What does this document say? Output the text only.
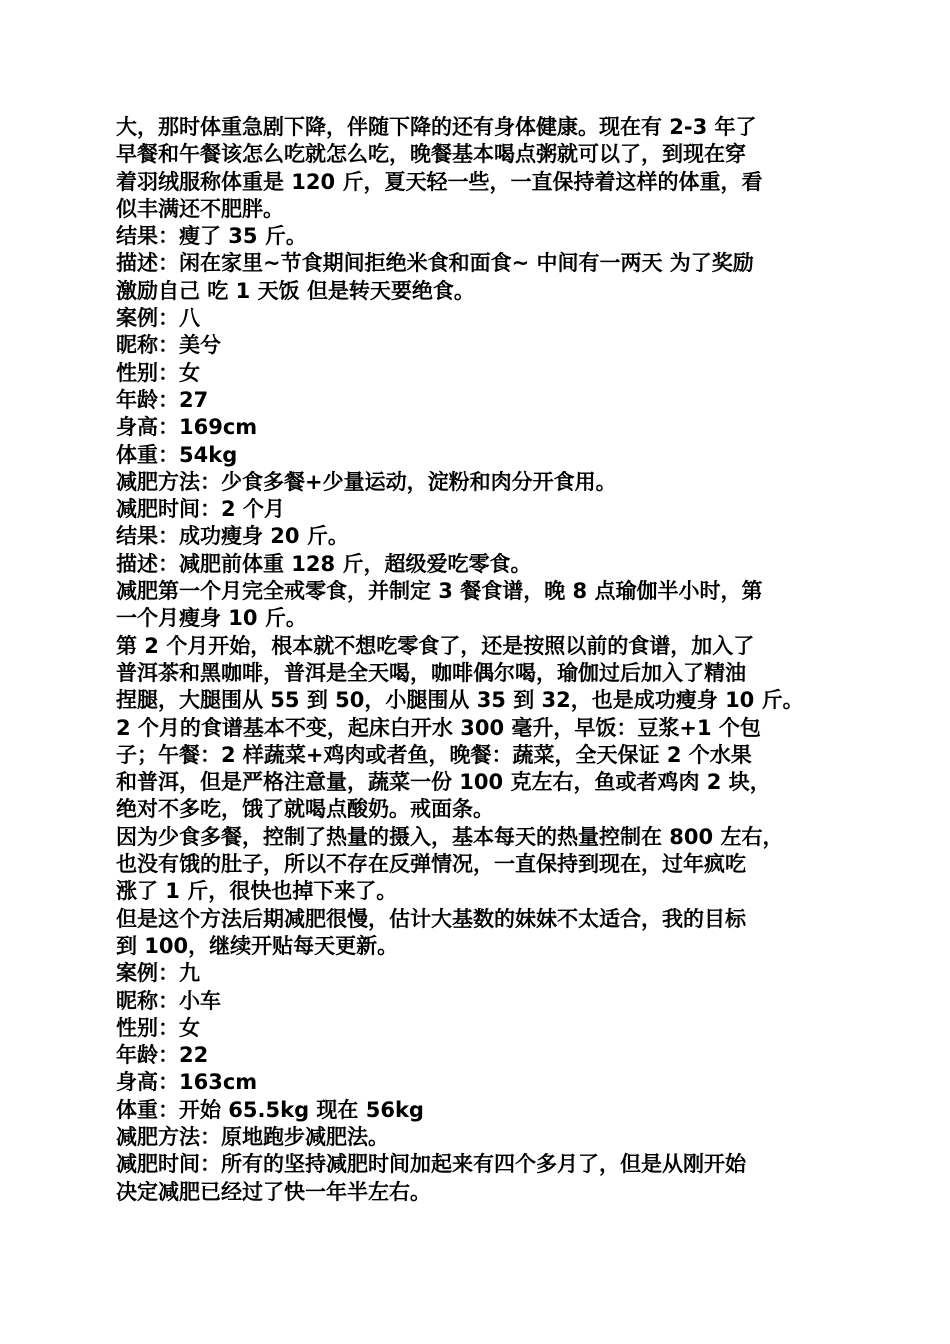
大，那时体重急剧下降，伴随下降的还有身体健康。现在有 2-3 年了

早餐和午餐该怎么吃就怎么吃，晚餐基本喝点粥就可以了，到现在穿

着羽绒服称体重是 120 斤，夏天轻一些，一直保持着这样的体重，看

似丰满还不肥胖。

结果：瘦了 35 斤。

描述：闲在家里~节食期间拒绝米食和面食~ 中间有一两天 为了奖励

激励自己 吃 1 天饭 但是转天要绝食。

案例：八

昵称：美兮

性别：女

年龄：27

身高：169cm

体重：54kg

减肥方法：少食多餐+少量运动，淀粉和肉分开食用。

减肥时间：2 个月

结果：成功瘦身 20 斤。

描述：减肥前体重 128 斤，超级爱吃零食。

减肥第一个月完全戒零食，并制定 3 餐食谱，晚 8 点瑜伽半小时，第

一个月瘦身 10 斤。

第 2 个月开始，根本就不想吃零食了，还是按照以前的食谱，加入了

普洱茶和黑咖啡，普洱是全天喝，咖啡偶尔喝，瑜伽过后加入了精油

捏腿，大腿围从 55 到 50，小腿围从 35 到 32，也是成功瘦身 10 斤。

2 个月的食谱基本不变，起床白开水 300 毫升，早饭：豆浆+1 个包

子；午餐：2 样蔬菜+鸡肉或者鱼，晚餐：蔬菜，全天保证 2 个水果

和普洱，但是严格注意量，蔬菜一份 100 克左右，鱼或者鸡肉 2 块，

绝对不多吃，饿了就喝点酸奶。戒面条。

因为少食多餐，控制了热量的摄入，基本每天的热量控制在 800 左右，

也没有饿的肚子，所以不存在反弹情况，一直保持到现在，过年疯吃

涨了 1 斤，很快也掉下来了。

但是这个方法后期减肥很慢，估计大基数的妹妹不太适合，我的目标

到 100，继续开贴每天更新。

案例：九

昵称：小车

性别：女

年龄：22

身高：163cm

体重：开始 65.5kg 现在 56kg

减肥方法：原地跑步减肥法。

减肥时间：所有的坚持减肥时间加起来有四个多月了，但是从刚开始

决定减肥已经过了快一年半左右。
